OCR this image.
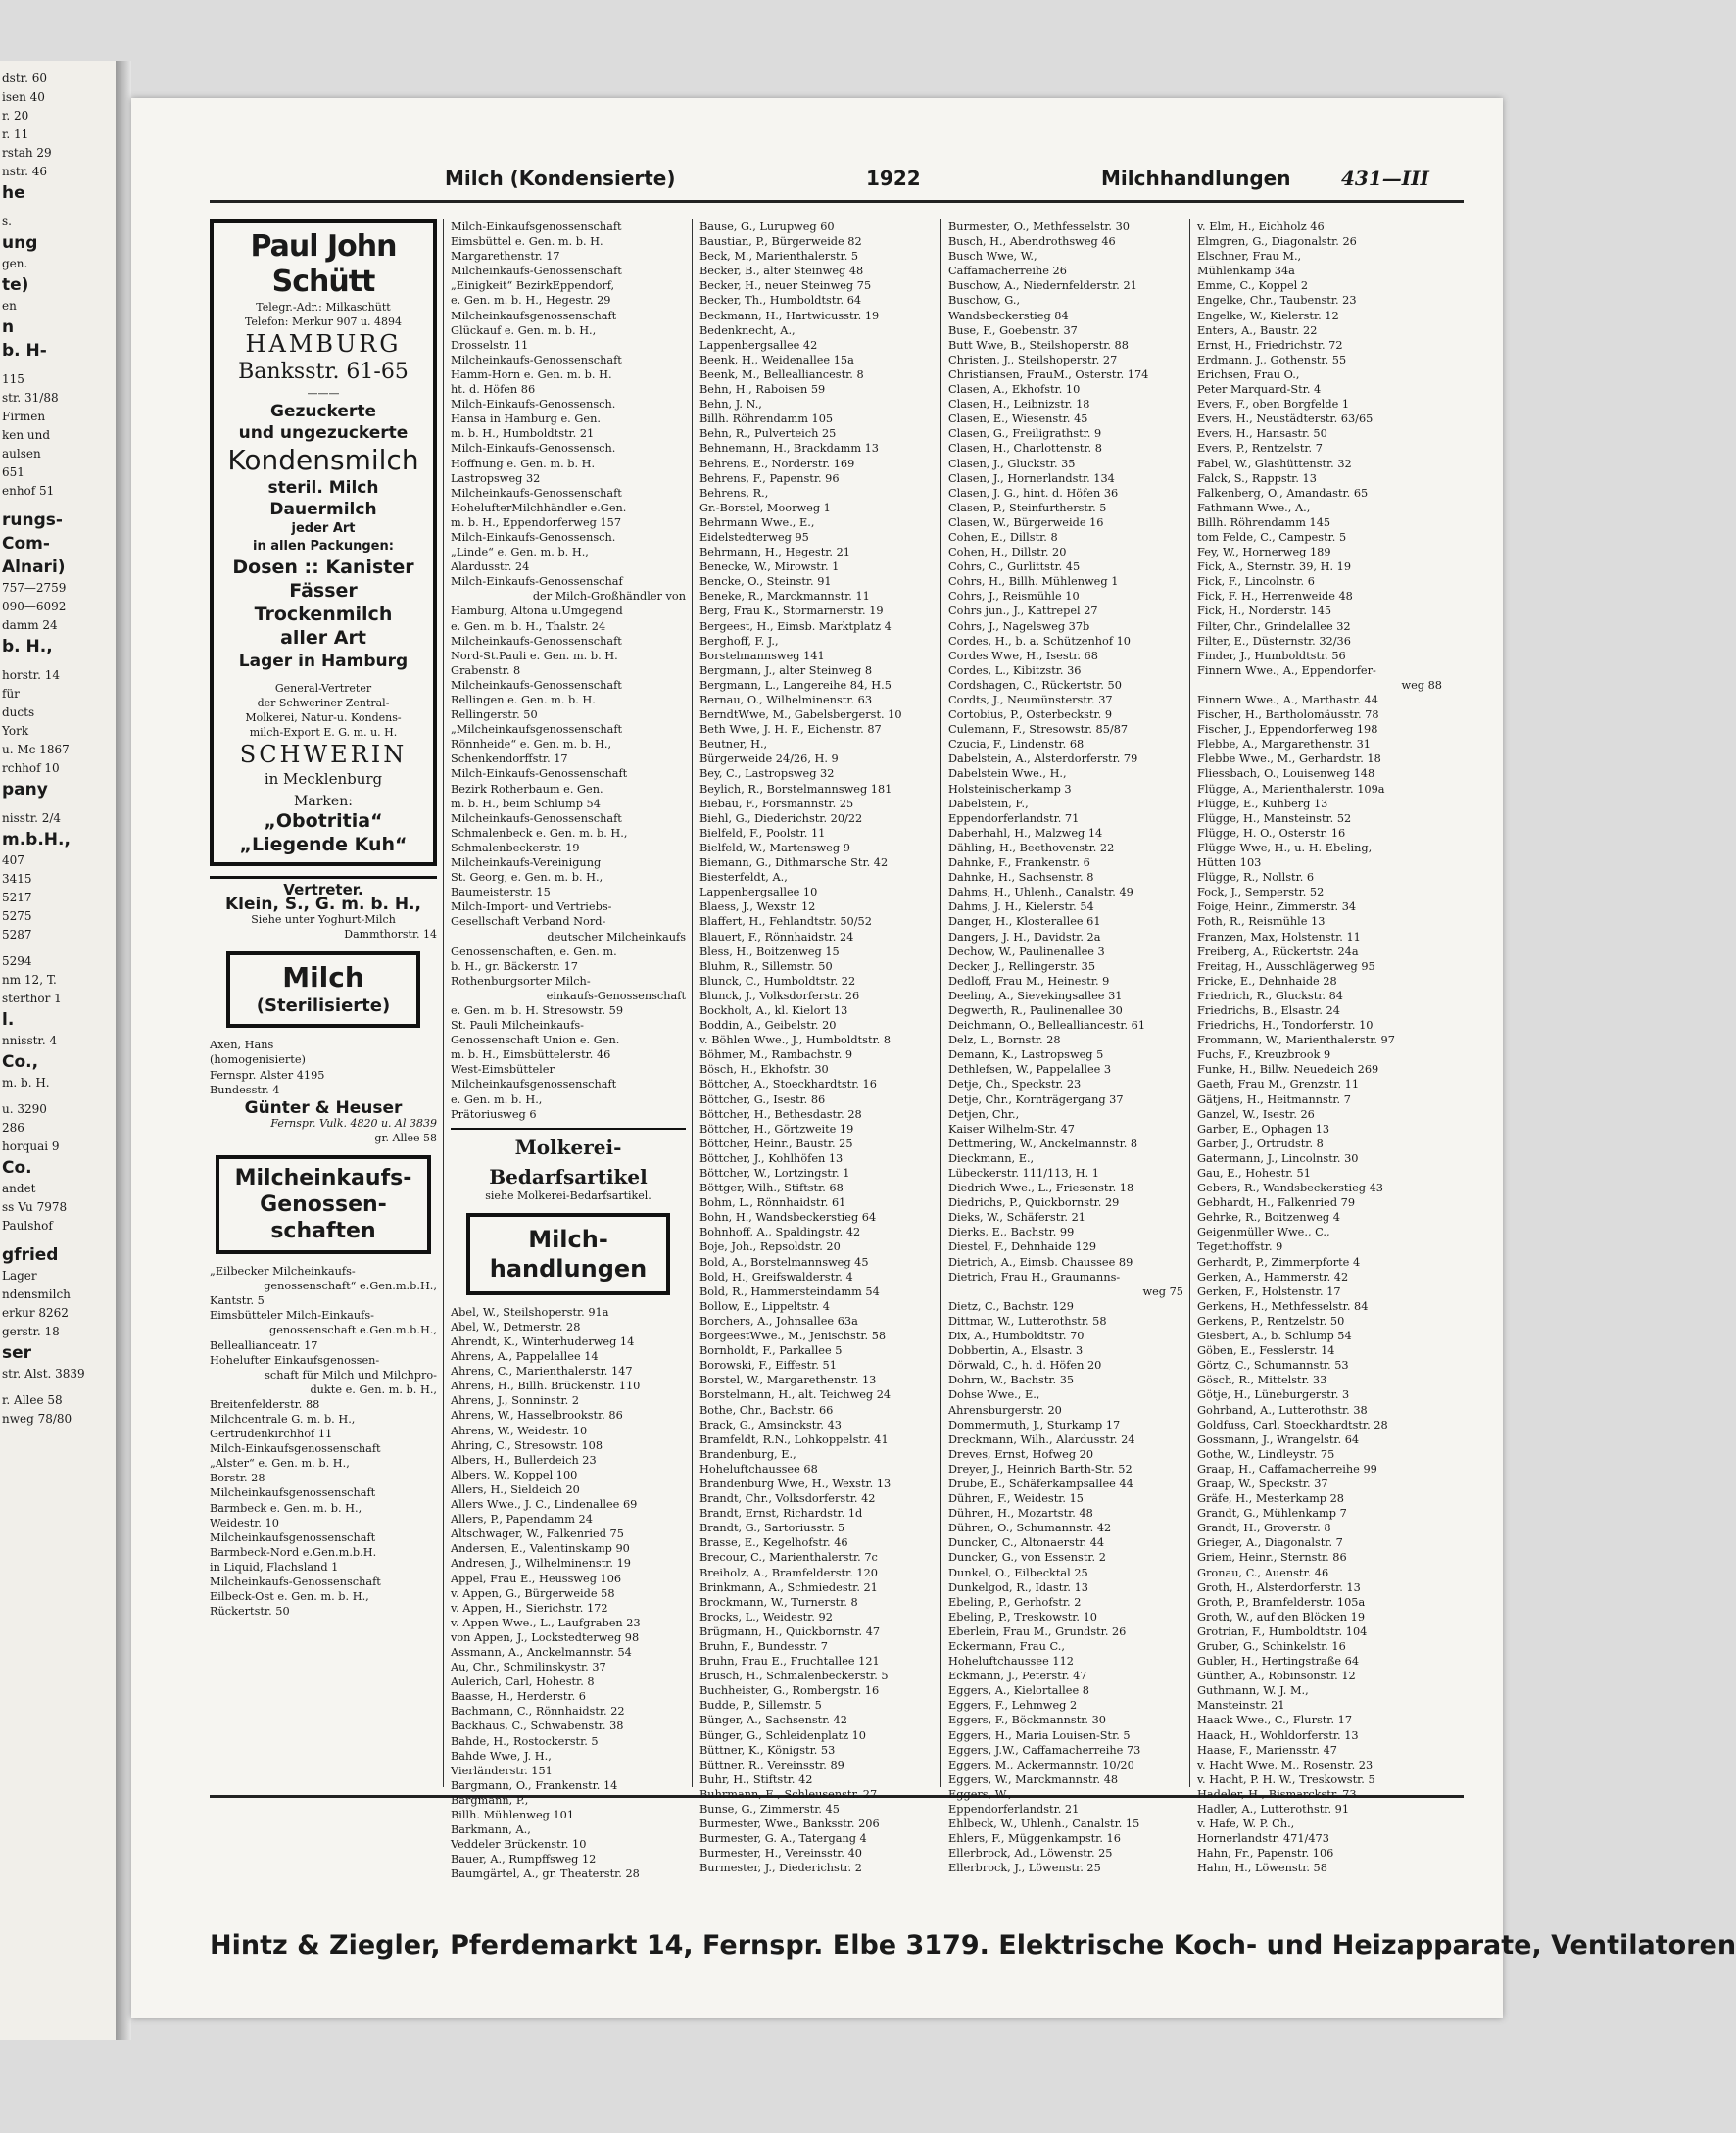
dstr. 60
isen 40
r. 20
r. 11
rstah 29
nstr. 46
he
s.
ung
gen.
te)
en
n
b. H-
115
str. 31/88
Firmen
ken und
aulsen
651
enhof 51
rungs-
Com-
Alnari)
757—2759
090—6092
damm 24
b. H.,
horstr. 14
für
ducts
York
u. Mc 1867
rchhof 10
pany
nisstr. 2/4
m.b.H.,
407
3415
5217
5275
5287
5294
nm 12, T.
sterthor 1
l.
nnisstr. 4
Co.,
m. b. H.
u. 3290
286
horquai 9
Co.
andet
ss Vu 7978
Paulshof
gfried
Lager
ndensmilch
erkur 8262
gerstr. 18
ser
str. Alst. 3839
r. Allee 58
nweg 78/80
Milch (Kondensierte)	1922	Milchhandlungen	431—III
Paul John Schütt
Telegr.-Adr.: Milkaschütt
Telefon: Merkur 907 u. 4894
HAMBURG
Banksstr. 61-65
———
Gezuckerte
und ungezuckerte
Kondensmilch
steril. Milch
Dauermilch
jeder Art
in allen Packungen:
Dosen :: Kanister
Fässer
Trockenmilch
aller Art
Lager in Hamburg
General-Vertreter
der Schweriner Zentral-
Molkerei, Natur-u. Kondens-
milch-Export E. G. m. u. H.
SCHWERIN
in Mecklenburg
Marken:
„Obotritia“
„Liegende Kuh“
Vertreter.
Klein, S., G. m. b. H.,
Siehe unter Yoghurt-Milch
Dammthorstr. 14
Milch
(Sterilisierte)
Axen, Hans
(homogenisierte)
Fernspr. Alster 4195
Bundesstr. 4
Günter & Heuser
Fernspr. Vulk. 4820 u. Al 3839
gr. Allee 58
Milcheinkaufs-
Genossen-
schaften
„Eilbecker Milcheinkaufs-
genossenschaft“ e.Gen.m.b.H.,
Kantstr. 5
Eimsbütteler Milch-Einkaufs-
genossenschaft e.Gen.m.b.H.,
Belleallianceatr. 17
Hohelufter Einkaufsgenossen-
schaft für Milch und Milchpro-
dukte e. Gen. m. b. H.,
Breitenfelderstr. 88
Milchcentrale G. m. b. H.,
Gertrudenkirchhof 11
Milch-Einkaufsgenossenschaft
„Alster“ e. Gen. m. b. H.,
Borstr. 28
Milcheinkaufsgenossenschaft
Barmbeck e. Gen. m. b. H.,
Weidestr. 10
Milcheinkaufsgenossenschaft
Barmbeck-Nord e.Gen.m.b.H.
in Liquid, Flachsland 1
Milcheinkaufs-Genossenschaft
Eilbeck-Ost e. Gen. m. b. H.,
Rückertstr. 50
Milch-Einkaufsgenossenschaft
Eimsbüttel e. Gen. m. b. H.
Margarethenstr. 17
Milcheinkaufs-Genossenschaft
„Einigkeit“ BezirkEppendorf,
e. Gen. m. b. H., Hegestr. 29
Milcheinkaufsgenossenschaft
Glückauf e. Gen. m. b. H.,
Drosselstr. 11
Milcheinkaufs-Genossenschaft
Hamm-Horn e. Gen. m. b. H.
ht. d. Höfen 86
Milch-Einkaufs-Genossensch.
Hansa in Hamburg e. Gen.
m. b. H., Humboldtstr. 21
Milch-Einkaufs-Genossensch.
Hoffnung e. Gen. m. b. H.
Lastropsweg 32
Milcheinkaufs-Genossenschaft
HohelufterMilchhändler e.Gen.
m. b. H., Eppendorferweg 157
Milch-Einkaufs-Genossensch.
„Linde“ e. Gen. m. b. H.,
Alardusstr. 24
Milch-Einkaufs-Genossenschaf
der Milch-Großhändler von
Hamburg, Altona u.Umgegend
e. Gen. m. b. H., Thalstr. 24
Milcheinkaufs-Genossenschaft
Nord-St.Pauli e. Gen. m. b. H.
Grabenstr. 8
Milcheinkaufs-Genossenschaft
Rellingen e. Gen. m. b. H.
Rellingerstr. 50
„Milcheinkaufsgenossenschaft
Rönnheide“ e. Gen. m. b. H.,
Schenkendorffstr. 17
Milch-Einkaufs-Genossenschaft
Bezirk Rotherbaum e. Gen.
m. b. H., beim Schlump 54
Milcheinkaufs-Genossenschaft
Schmalenbeck e. Gen. m. b. H.,
Schmalenbeckerstr. 19
Milcheinkaufs-Vereinigung
St. Georg, e. Gen. m. b. H.,
Baumeisterstr. 15
Milch-Import- und Vertriebs-
Gesellschaft Verband Nord-
deutscher Milcheinkaufs
Genossenschaften, e. Gen. m.
b. H., gr. Bäckerstr. 17
Rothenburgsorter Milch-
einkaufs-Genossenschaft
e. Gen. m. b. H. Stresowstr. 59
St. Pauli Milcheinkaufs-
Genossenschaft Union e. Gen.
m. b. H., Eimsbüttelerstr. 46
West-Eimsbütteler
Milcheinkaufsgenossenschaft
e. Gen. m. b. H.,
Prätoriusweg 6
Molkerei-
Bedarfsartikel
siehe Molkerei-Bedarfsartikel.
Milch-
handlungen
Abel, W., Steilshoperstr. 91a
Abel, W., Detmerstr. 28
Ahrendt, K., Winterhuderweg 14
Ahrens, A., Pappelallee 14
Ahrens, C., Marienthalerstr. 147
Ahrens, H., Billh. Brückenstr. 110
Ahrens, J., Sonninstr. 2
Ahrens, W., Hasselbrookstr. 86
Ahrens, W., Weidestr. 10
Ahring, C., Stresowstr. 108
Albers, H., Bullerdeich 23
Albers, W., Koppel 100
Allers, H., Sieldeich 20
Allers Wwe., J. C., Lindenallee 69
Allers, P., Papendamm 24
Altschwager, W., Falkenried 75
Andersen, E., Valentinskamp 90
Andresen, J., Wilhelminenstr. 19
Appel, Frau E., Heussweg 106
v. Appen, G., Bürgerweide 58
v. Appen, H., Sierichstr. 172
v. Appen Wwe., L., Laufgraben 23
von Appen, J., Lockstedterweg 98
Assmann, A., Anckelmannstr. 54
Au, Chr., Schmilinskystr. 37
Aulerich, Carl, Hohestr. 8
Baasse, H., Herderstr. 6
Bachmann, C., Rönnhaidstr. 22
Backhaus, C., Schwabenstr. 38
Bahde, H., Rostockerstr. 5
Bahde Wwe, J. H.,
Vierländerstr. 151
Bargmann, O., Frankenstr. 14
Bargmann, P.,
Billh. Mühlenweg 101
Barkmann, A.,
Veddeler Brückenstr. 10
Bauer, A., Rumpffsweg 12
Baumgärtel, A., gr. Theaterstr. 28
Bause, G., Lurupweg 60
Baustian, P., Bürgerweide 82
Beck, M., Marienthalerstr. 5
Becker, B., alter Steinweg 48
Becker, H., neuer Steinweg 75
Becker, Th., Humboldtstr. 64
Beckmann, H., Hartwicusstr. 19
Bedenknecht, A.,
Lappenbergsallee 42
Beenk, H., Weidenallee 15a
Beenk, M., Bellealliancestr. 8
Behn, H., Raboisen 59
Behn, J. N.,
Billh. Röhrendamm 105
Behn, R., Pulverteich 25
Behnemann, H., Brackdamm 13
Behrens, E., Norderstr. 169
Behrens, F., Papenstr. 96
Behrens, R.,
Gr.-Borstel, Moorweg 1
Behrmann Wwe., E.,
Eidelstedterweg 95
Behrmann, H., Hegestr. 21
Benecke, W., Mirowstr. 1
Bencke, O., Steinstr. 91
Beneke, R., Marckmannstr. 11
Berg, Frau K., Stormarnerstr. 19
Bergeest, H., Eimsb. Marktplatz 4
Berghoff, F. J.,
Borstelmannsweg 141
Bergmann, J., alter Steinweg 8
Bergmann, L., Langereihe 84, H.5
Bernau, O., Wilhelminenstr. 63
BerndtWwe, M., Gabelsbergerst. 10
Beth Wwe, J. H. F., Eichenstr. 87
Beutner, H.,
Bürgerweide 24/26, H. 9
Bey, C., Lastropsweg 32
Beylich, R., Borstelmannsweg 181
Biebau, F., Forsmannstr. 25
Biehl, G., Diederichstr. 20/22
Bielfeld, F., Poolstr. 11
Bielfeld, W., Martensweg 9
Biemann, G., Dithmarsche Str. 42
Biesterfeldt, A.,
Lappenbergsallee 10
Blaess, J., Wexstr. 12
Blaffert, H., Fehlandtstr. 50/52
Blauert, F., Rönnhaidstr. 24
Bless, H., Boitzenweg 15
Bluhm, R., Sillemstr. 50
Blunck, C., Humboldtstr. 22
Blunck, J., Volksdorferstr. 26
Bockholt, A., kl. Kielort 13
Boddin, A., Geibelstr. 20
v. Böhlen Wwe., J., Humboldtstr. 8
Böhmer, M., Rambachstr. 9
Bösch, H., Ekhofstr. 30
Böttcher, A., Stoeckhardtstr. 16
Böttcher, G., Isestr. 86
Böttcher, H., Bethesdastr. 28
Böttcher, H., Görtzweite 19
Böttcher, Heinr., Baustr. 25
Böttcher, J., Kohlhöfen 13
Böttcher, W., Lortzingstr. 1
Böttger, Wilh., Stiftstr. 68
Bohm, L., Rönnhaidstr. 61
Bohn, H., Wandsbeckerstieg 64
Bohnhoff, A., Spaldingstr. 42
Boje, Joh., Repsoldstr. 20
Bold, A., Borstelmannsweg 45
Bold, H., Greifswalderstr. 4
Bold, R., Hammersteindamm 54
Bollow, E., Lippeltstr. 4
Borchers, A., Johnsallee 63a
BorgeestWwe., M., Jenischstr. 58
Bornholdt, F., Parkallee 5
Borowski, F., Eiffestr. 51
Borstel, W., Margarethenstr. 13
Borstelmann, H., alt. Teichweg 24
Bothe, Chr., Bachstr. 66
Brack, G., Amsinckstr. 43
Bramfeldt, R.N., Lohkoppelstr. 41
Brandenburg, E.,
Hoheluftchaussee 68
Brandenburg Wwe, H., Wexstr. 13
Brandt, Chr., Volksdorferstr. 42
Brandt, Ernst, Richardstr. 1d
Brandt, G., Sartoriusstr. 5
Brasse, E., Kegelhofstr. 46
Brecour, C., Marienthalerstr. 7c
Breiholz, A., Bramfelderstr. 120
Brinkmann, A., Schmiedestr. 21
Brockmann, W., Turnerstr. 8
Brocks, L., Weidestr. 92
Brügmann, H., Quickbornstr. 47
Bruhn, F., Bundesstr. 7
Bruhn, Frau E., Fruchtallee 121
Brusch, H., Schmalenbeckerstr. 5
Buchheister, G., Rombergstr. 16
Budde, P., Sillemstr. 5
Bünger, A., Sachsenstr. 42
Bünger, G., Schleidenplatz 10
Büttner, K., Königstr. 53
Büttner, R., Vereinsstr. 89
Buhr, H., Stiftstr. 42
Buhrmann, E., Schleusenstr. 27
Bunse, G., Zimmerstr. 45
Burmester, Wwe., Banksstr. 206
Burmester, G. A., Tatergang 4
Burmester, H., Vereinsstr. 40
Burmester, J., Diederichstr. 2
Burmester, O., Methfesselstr. 30
Busch, H., Abendrothsweg 46
Busch Wwe, W.,
Caffamacherreihe 26
Buschow, A., Niedernfelderstr. 21
Buschow, G.,
Wandsbeckerstieg 84
Buse, F., Goebenstr. 37
Butt Wwe, B., Steilshoperstr. 88
Christen, J., Steilshoperstr. 27
Christiansen, FrauM., Osterstr. 174
Clasen, A., Ekhofstr. 10
Clasen, H., Leibnizstr. 18
Clasen, E., Wiesenstr. 45
Clasen, G., Freiligrathstr. 9
Clasen, H., Charlottenstr. 8
Clasen, J., Gluckstr. 35
Clasen, J., Hornerlandstr. 134
Clasen, J. G., hint. d. Höfen 36
Clasen, P., Steinfurtherstr. 5
Clasen, W., Bürgerweide 16
Cohen, E., Dillstr. 8
Cohen, H., Dillstr. 20
Cohrs, C., Gurlittstr. 45
Cohrs, H., Billh. Mühlenweg 1
Cohrs, J., Reismühle 10
Cohrs jun., J., Kattrepel 27
Cohrs, J., Nagelsweg 37b
Cordes, H., b. a. Schützenhof 10
Cordes Wwe, H., Isestr. 68
Cordes, L., Kibitzstr. 36
Cordshagen, C., Rückertstr. 50
Cordts, J., Neumünsterstr. 37
Cortobius, P., Osterbeckstr. 9
Culemann, F., Stresowstr. 85/87
Czucia, F., Lindenstr. 68
Dabelstein, A., Alsterdorferstr. 79
Dabelstein Wwe., H.,
Holsteinischerkamp 3
Dabelstein, F.,
Eppendorferlandstr. 71
Daberhahl, H., Malzweg 14
Dähling, H., Beethovenstr. 22
Dahnke, F., Frankenstr. 6
Dahnke, H., Sachsenstr. 8
Dahms, H., Uhlenh., Canalstr. 49
Dahms, J. H., Kielerstr. 54
Danger, H., Klosterallee 61
Dangers, J. H., Davidstr. 2a
Dechow, W., Paulinenallee 3
Decker, J., Rellingerstr. 35
Dedloff, Frau M., Heinestr. 9
Deeling, A., Sievekingsallee 31
Degwerth, R., Paulinenallee 30
Deichmann, O., Bellealliancestr. 61
Delz, L., Bornstr. 28
Demann, K., Lastropsweg 5
Dethlefsen, W., Pappelallee 3
Detje, Ch., Speckstr. 23
Detje, Chr., Kornträgergang 37
Detjen, Chr.,
Kaiser Wilhelm-Str. 47
Dettmering, W., Anckelmannstr. 8
Dieckmann, E.,
Lübeckerstr. 111/113, H. 1
Diedrich Wwe., L., Friesenstr. 18
Diedrichs, P., Quickbornstr. 29
Dieks, W., Schäferstr. 21
Dierks, E., Bachstr. 99
Diestel, F., Dehnhaide 129
Dietrich, A., Eimsb. Chaussee 89
Dietrich, Frau H., Graumanns-
weg 75
Dietz, C., Bachstr. 129
Dittmar, W., Lutterothstr. 58
Dix, A., Humboldtstr. 70
Dobbertin, A., Elsastr. 3
Dörwald, C., h. d. Höfen 20
Dohrn, W., Bachstr. 35
Dohse Wwe., E.,
Ahrensburgerstr. 20
Dommermuth, J., Sturkamp 17
Dreckmann, Wilh., Alardusstr. 24
Dreves, Ernst, Hofweg 20
Dreyer, J., Heinrich Barth-Str. 52
Drube, E., Schäferkampsallee 44
Dühren, F., Weidestr. 15
Dühren, H., Mozartstr. 48
Dühren, O., Schumannstr. 42
Duncker, C., Altonaerstr. 44
Duncker, G., von Essenstr. 2
Dunkel, O., Eilbecktal 25
Dunkelgod, R., Idastr. 13
Ebeling, P., Gerhofstr. 2
Ebeling, P., Treskowstr. 10
Eberlein, Frau M., Grundstr. 26
Eckermann, Frau C.,
Hoheluftchaussee 112
Eckmann, J., Peterstr. 47
Eggers, A., Kielortallee 8
Eggers, F., Lehmweg 2
Eggers, F., Böckmannstr. 30
Eggers, H., Maria Louisen-Str. 5
Eggers, J.W., Caffamacherreihe 73
Eggers, M., Ackermannstr. 10/20
Eggers, W., Marckmannstr. 48
Eggers, W.,
Eppendorferlandstr. 21
Ehlbeck, W., Uhlenh., Canalstr. 15
Ehlers, F., Müggenkampstr. 16
Ellerbrock, Ad., Löwenstr. 25
Ellerbrock, J., Löwenstr. 25
v. Elm, H., Eichholz 46
Elmgren, G., Diagonalstr. 26
Elschner, Frau M.,
Mühlenkamp 34a
Emme, C., Koppel 2
Engelke, Chr., Taubenstr. 23
Engelke, W., Kielerstr. 12
Enters, A., Baustr. 22
Ernst, H., Friedrichstr. 72
Erdmann, J., Gothenstr. 55
Erichsen, Frau O.,
Peter Marquard-Str. 4
Evers, F., oben Borgfelde 1
Evers, H., Neustädterstr. 63/65
Evers, H., Hansastr. 50
Evers, P., Rentzelstr. 7
Fabel, W., Glashüttenstr. 32
Falck, S., Rappstr. 13
Falkenberg, O., Amandastr. 65
Fathmann Wwe., A.,
Billh. Röhrendamm 145
tom Felde, C., Campestr. 5
Fey, W., Hornerweg 189
Fick, A., Sternstr. 39, H. 19
Fick, F., Lincolnstr. 6
Fick, F. H., Herrenweide 48
Fick, H., Norderstr. 145
Filter, Chr., Grindelallee 32
Filter, E., Düsternstr. 32/36
Finder, J., Humboldtstr. 56
Finnern Wwe., A., Eppendorfer-
weg 88
Finnern Wwe., A., Marthastr. 44
Fischer, H., Bartholomäusstr. 78
Fischer, J., Eppendorferweg 198
Flebbe, A., Margarethenstr. 31
Flebbe Wwe., M., Gerhardstr. 18
Fliessbach, O., Louisenweg 148
Flügge, A., Marienthalerstr. 109a
Flügge, E., Kuhberg 13
Flügge, H., Mansteinstr. 52
Flügge, H. O., Osterstr. 16
Flügge Wwe, H., u. H. Ebeling,
Hütten 103
Flügge, R., Nollstr. 6
Fock, J., Semperstr. 52
Foige, Heinr., Zimmerstr. 34
Foth, R., Reismühle 13
Franzen, Max, Holstenstr. 11
Freiberg, A., Rückertstr. 24a
Freitag, H., Ausschlägerweg 95
Fricke, E., Dehnhaide 28
Friedrich, R., Gluckstr. 84
Friedrichs, B., Elsastr. 24
Friedrichs, H., Tondorferstr. 10
Frommann, W., Marienthalerstr. 97
Fuchs, F., Kreuzbrook 9
Funke, H., Billw. Neuedeich 269
Gaeth, Frau M., Grenzstr. 11
Gätjens, H., Heitmannstr. 7
Ganzel, W., Isestr. 26
Garber, E., Ophagen 13
Garber, J., Ortrudstr. 8
Gatermann, J., Lincolnstr. 30
Gau, E., Hohestr. 51
Gebers, R., Wandsbeckerstieg 43
Gebhardt, H., Falkenried 79
Gehrke, R., Boitzenweg 4
Geigenmüller Wwe., C.,
Tegetthoffstr. 9
Gerhardt, P., Zimmerpforte 4
Gerken, A., Hammerstr. 42
Gerken, F., Holstenstr. 17
Gerkens, H., Methfesselstr. 84
Gerkens, P., Rentzelstr. 50
Giesbert, A., b. Schlump 54
Göben, E., Fesslerstr. 14
Görtz, C., Schumannstr. 53
Gösch, R., Mittelstr. 33
Götje, H., Lüneburgerstr. 3
Gohrband, A., Lutterothstr. 38
Goldfuss, Carl, Stoeckhardtstr. 28
Gossmann, J., Wrangelstr. 64
Gothe, W., Lindleystr. 75
Graap, H., Caffamacherreihe 99
Graap, W., Speckstr. 37
Gräfe, H., Mesterkamp 28
Grandt, G., Mühlenkamp 7
Grandt, H., Groverstr. 8
Grieger, A., Diagonalstr. 7
Griem, Heinr., Sternstr. 86
Gronau, C., Auenstr. 46
Groth, H., Alsterdorferstr. 13
Groth, P., Bramfelderstr. 105a
Groth, W., auf den Blöcken 19
Grotrian, F., Humboldtstr. 104
Gruber, G., Schinkelstr. 16
Gubler, H., Hertingstraße 64
Günther, A., Robinsonstr. 12
Guthmann, W. J. M.,
Mansteinstr. 21
Haack Wwe., C., Flurstr. 17
Haack, H., Wohldorferstr. 13
Haase, F., Mariensstr. 47
v. Hacht Wwe, M., Rosenstr. 23
v. Hacht, P. H. W., Treskowstr. 5
Hadeler, H., Bismarckstr. 73
Hadler, A., Lutterothstr. 91
v. Hafe, W. P. Ch.,
Hornerlandstr. 471/473
Hahn, Fr., Papenstr. 106
Hahn, H., Löwenstr. 58
Hintz & Ziegler, Pferdemarkt 14, Fernspr. Elbe 3179. Elektrische Koch- und Heizapparate, Ventilatoren
